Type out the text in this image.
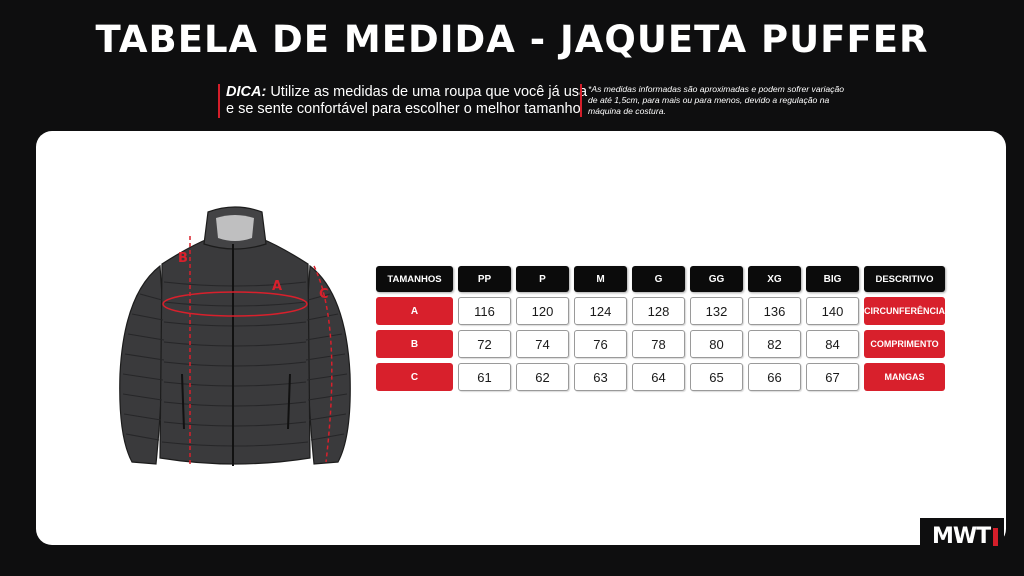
TABELA DE MEDIDA - JAQUETA PUFFER
DICA: Utilize as medidas de uma roupa que você já usa
e se sente confortável para escolher o melhor tamanho
*As medidas informadas são aproximadas e podem sofrer variação de até 1,5cm, para mais ou para menos, devido a regulação na máquina de costura.
A
B
C
TAMANHOS	PP	P	M	G	GG	XG	BIG	DESCRITIVO
A	116	120	124	128	132	136	140	CIRCUNFERÊNCIA
B	72	74	76	78	80	82	84	COMPRIMENTO
C	61	62	63	64	65	66	67	MANGAS
MWT
